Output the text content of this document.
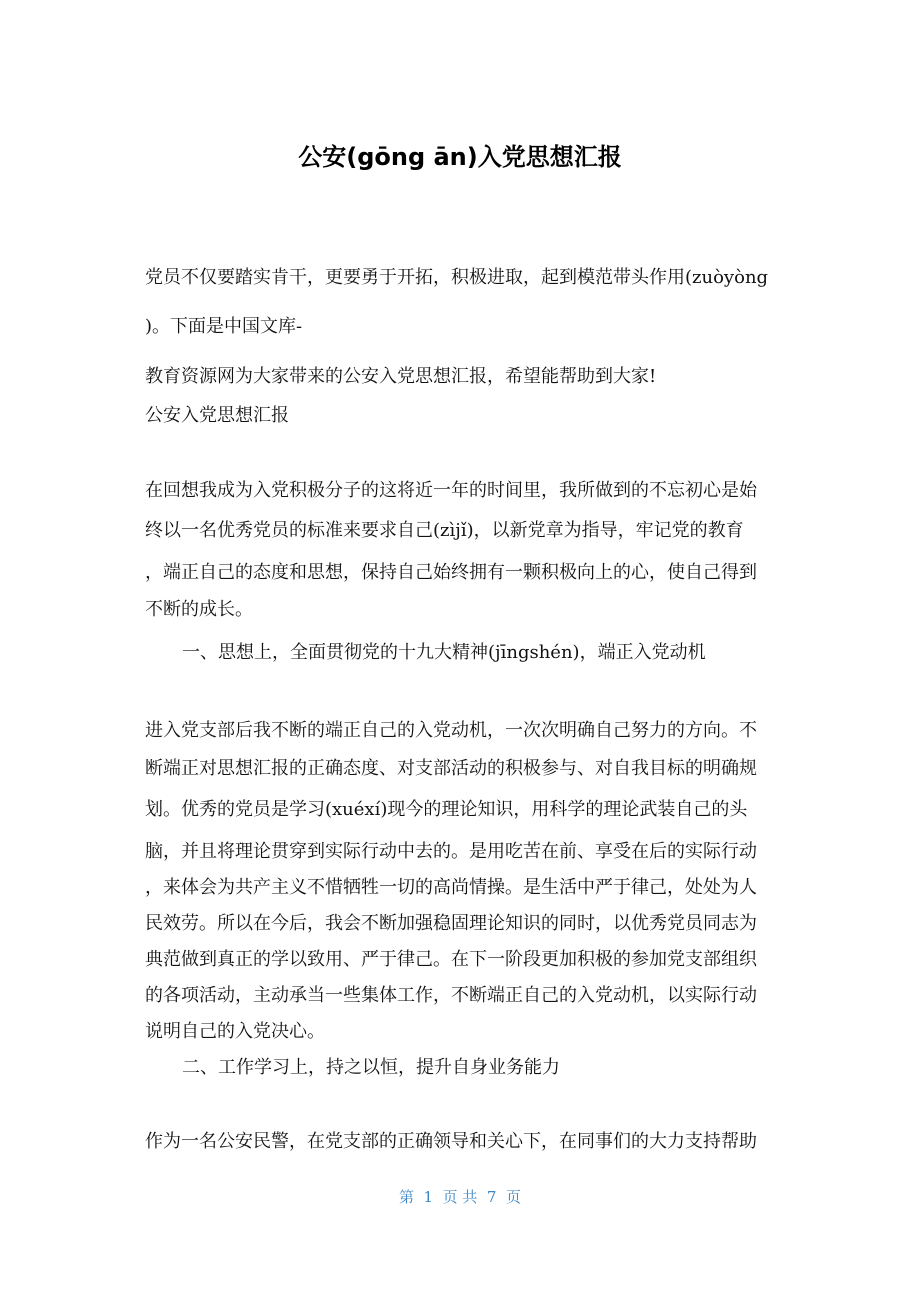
公安(gōng ān)入党思想汇报
党员不仅要踏实肯干，更要勇于开拓，积极进取，起到模范带头作用(zuòyòng
)。下面是中国文库-
教育资源网为大家带来的公安入党思想汇报，希望能帮助到大家!
公安入党思想汇报
在回想我成为入党积极分子的这将近一年的时间里，我所做到的不忘初心是始
终以一名优秀党员的标准来要求自己(zìjǐ)，以新党章为指导，牢记党的教育
，端正自己的态度和思想，保持自己始终拥有一颗积极向上的心，使自己得到
不断的成长。
一、思想上，全面贯彻党的十九大精神(jīngshén)，端正入党动机
进入党支部后我不断的端正自己的入党动机，一次次明确自己努力的方向。不
断端正对思想汇报的正确态度、对支部活动的积极参与、对自我目标的明确规
划。优秀的党员是学习(xuéxí)现今的理论知识，用科学的理论武装自己的头
脑，并且将理论贯穿到实际行动中去的。是用吃苦在前、享受在后的实际行动
，来体会为共产主义不惜牺牲一切的高尚情操。是生活中严于律己，处处为人
民效劳。所以在今后，我会不断加强稳固理论知识的同时，以优秀党员同志为
典范做到真正的学以致用、严于律己。在下一阶段更加积极的参加党支部组织
的各项活动，主动承当一些集体工作，不断端正自己的入党动机，以实际行动
说明自己的入党决心。
二、工作学习上，持之以恒，提升自身业务能力
作为一名公安民警，在党支部的正确领导和关心下，在同事们的大力支持帮助
第  1  页 共  7  页
